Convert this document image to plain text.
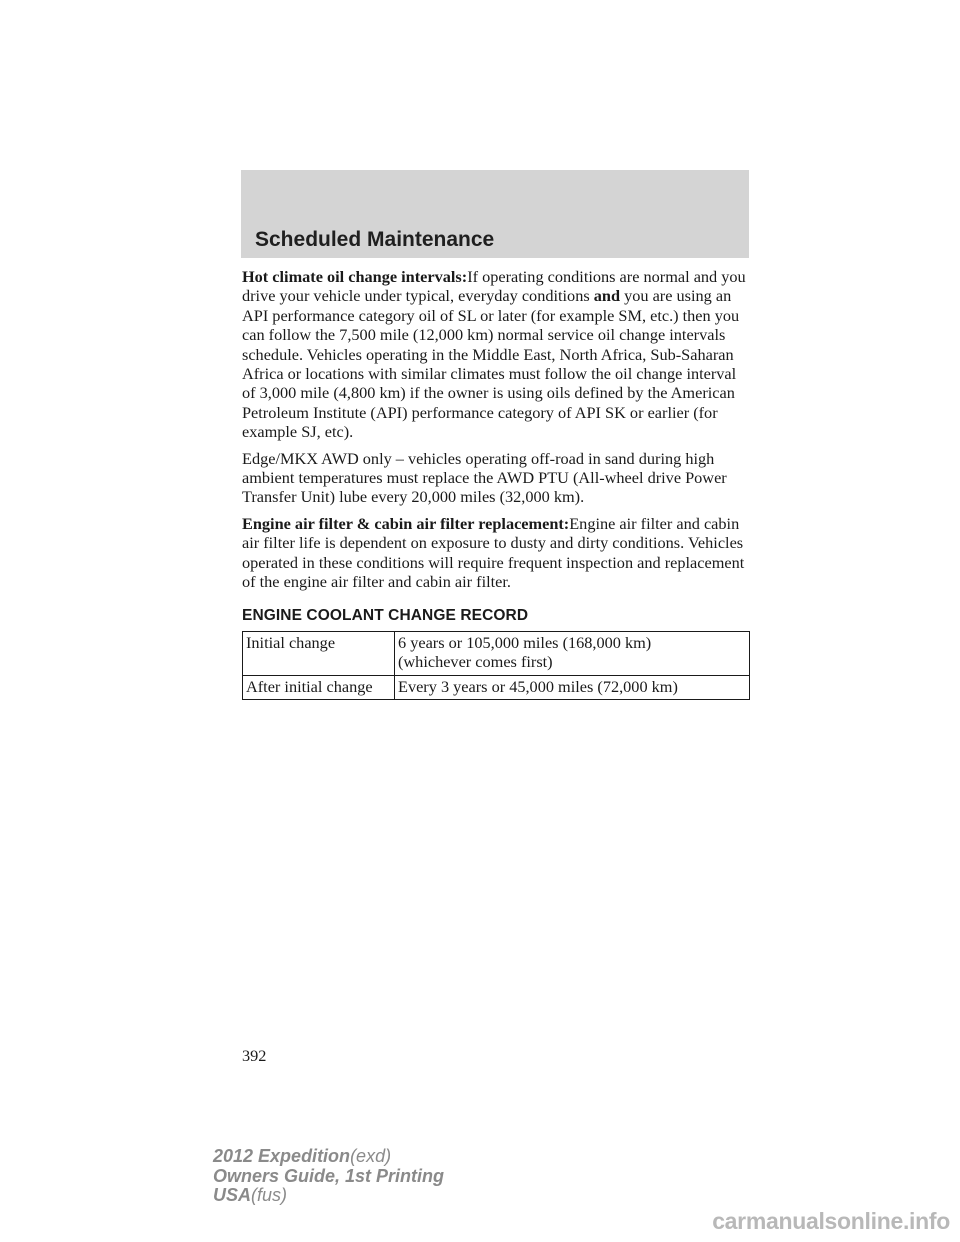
Scheduled Maintenance

Hot climate oil change intervals:If operating conditions are normal and you drive your vehicle under typical, everyday conditions and you are using an API performance category oil of SL or later (for example SM, etc.) then you can follow the 7,500 mile (12,000 km) normal service oil change intervals schedule. Vehicles operating in the Middle East, North Africa, Sub-Saharan Africa or locations with similar climates must follow the oil change interval of 3,000 mile (4,800 km) if the owner is using oils defined by the American Petroleum Institute (API) performance category of API SK or earlier (for example SJ, etc).

Edge/MKX AWD only – vehicles operating off-road in sand during high ambient temperatures must replace the AWD PTU (All-wheel drive Power Transfer Unit) lube every 20,000 miles (32,000 km).

Engine air filter & cabin air filter replacement:Engine air filter and cabin air filter life is dependent on exposure to dusty and dirty conditions. Vehicles operated in these conditions will require frequent inspection and replacement of the engine air filter and cabin air filter.

ENGINE COOLANT CHANGE RECORD
Initial change	6 years or 105,000 miles (168,000 km)
(whichever comes first)
After initial change	Every 3 years or 45,000 miles (72,000 km)
392
2012 Expedition(exd)
Owners Guide, 1st Printing
USA(fus)
carmanualsonline.info
